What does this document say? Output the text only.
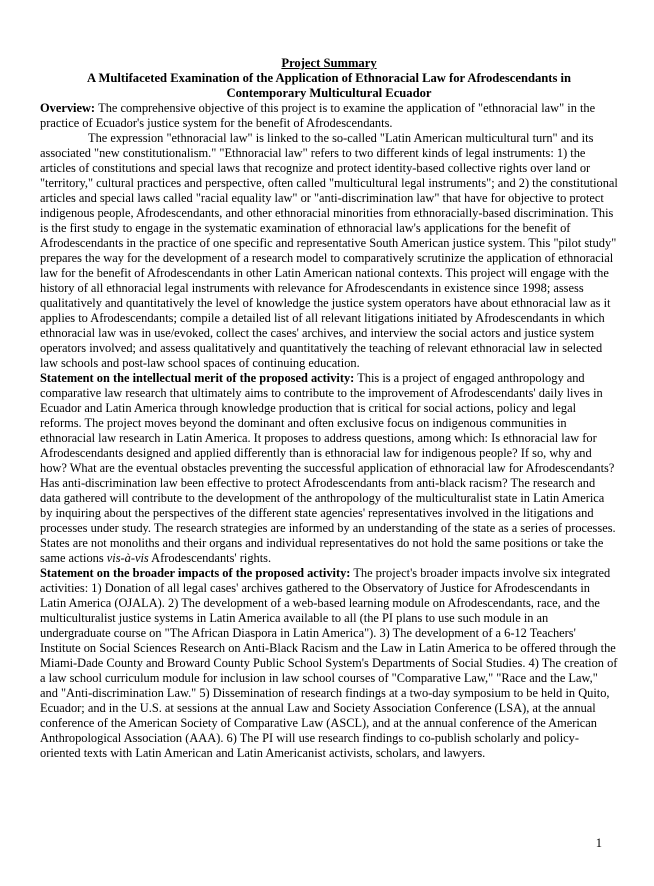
Project Summary
A Multifaceted Examination of the Application of Ethnoracial Law for Afrodescendants in
Contemporary Multicultural Ecuador

Overview: The comprehensive objective of this project is to examine the application of "ethnoracial law" in the practice of Ecuador's justice system for the benefit of Afrodescendants.

The expression "ethnoracial law" is linked to the so-called "Latin American multicultural turn" and its associated "new constitutionalism." "Ethnoracial law" refers to two different kinds of legal instruments: 1) the articles of constitutions and special laws that recognize and protect identity-based collective rights over land or "territory," cultural practices and perspective, often called "multicultural legal instruments"; and 2) the constitutional articles and special laws called "racial equality law" or "anti-discrimination law" that have for objective to protect indigenous people, Afrodescendants, and other ethnoracial minorities from ethnoracially-based discrimination. This is the first study to engage in the systematic examination of ethnoracial law's applications for the benefit of Afrodescendants in the practice of one specific and representative South American justice system. This "pilot study" prepares the way for the development of a research model to comparatively scrutinize the application of ethnoracial law for the benefit of Afrodescendants in other Latin American national contexts. This project will engage with the history of all ethnoracial legal instruments with relevance for Afrodescendants in existence since 1998; assess qualitatively and quantitatively the level of knowledge the justice system operators have about ethnoracial law as it applies to Afrodescendants; compile a detailed list of all relevant litigations initiated by Afrodescendants in which ethnoracial law was in use/evoked, collect the cases' archives, and interview the social actors and justice system operators involved; and assess qualitatively and quantitatively the teaching of relevant ethnoracial law in selected law schools and post-law school spaces of continuing education.

Statement on the intellectual merit of the proposed activity: This is a project of engaged anthropology and comparative law research that ultimately aims to contribute to the improvement of Afrodescendants' daily lives in Ecuador and Latin America through knowledge production that is critical for social actions, policy and legal reforms. The project moves beyond the dominant and often exclusive focus on indigenous communities in ethnoracial law research in Latin America. It proposes to address questions, among which: Is ethnoracial law for Afrodescendants designed and applied differently than is ethnoracial law for indigenous people? If so, why and how? What are the eventual obstacles preventing the successful application of ethnoracial law for Afrodescendants? Has anti-discrimination law been effective to protect Afrodescendants from anti-black racism? The research and data gathered will contribute to the development of the anthropology of the multiculturalist state in Latin America by inquiring about the perspectives of the different state agencies' representatives involved in the litigations and processes under study. The research strategies are informed by an understanding of the state as a series of processes. States are not monoliths and their organs and individual representatives do not hold the same positions or take the same actions vis-à-vis Afrodescendants' rights.

Statement on the broader impacts of the proposed activity: The project's broader impacts involve six integrated activities: 1) Donation of all legal cases' archives gathered to the Observatory of Justice for Afrodescendants in Latin America (OJALA). 2) The development of a web-based learning module on Afrodescendants, race, and the multiculturalist justice systems in Latin America available to all (the PI plans to use such module in an undergraduate course on "The African Diaspora in Latin America"). 3) The development of a 6-12 Teachers' Institute on Social Sciences Research on Anti-Black Racism and the Law in Latin America to be offered through the Miami-Dade County and Broward County Public School System's Departments of Social Studies. 4) The creation of a law school curriculum module for inclusion in law school courses of "Comparative Law," "Race and the Law," and "Anti-discrimination Law." 5) Dissemination of research findings at a two-day symposium to be held in Quito, Ecuador; and in the U.S. at sessions at the annual Law and Society Association Conference (LSA), at the annual conference of the American Society of Comparative Law (ASCL), and at the annual conference of the American Anthropological Association (AAA). 6) The PI will use research findings to co-publish scholarly and policy-oriented texts with Latin American and Latin Americanist activists, scholars, and lawyers.

1
